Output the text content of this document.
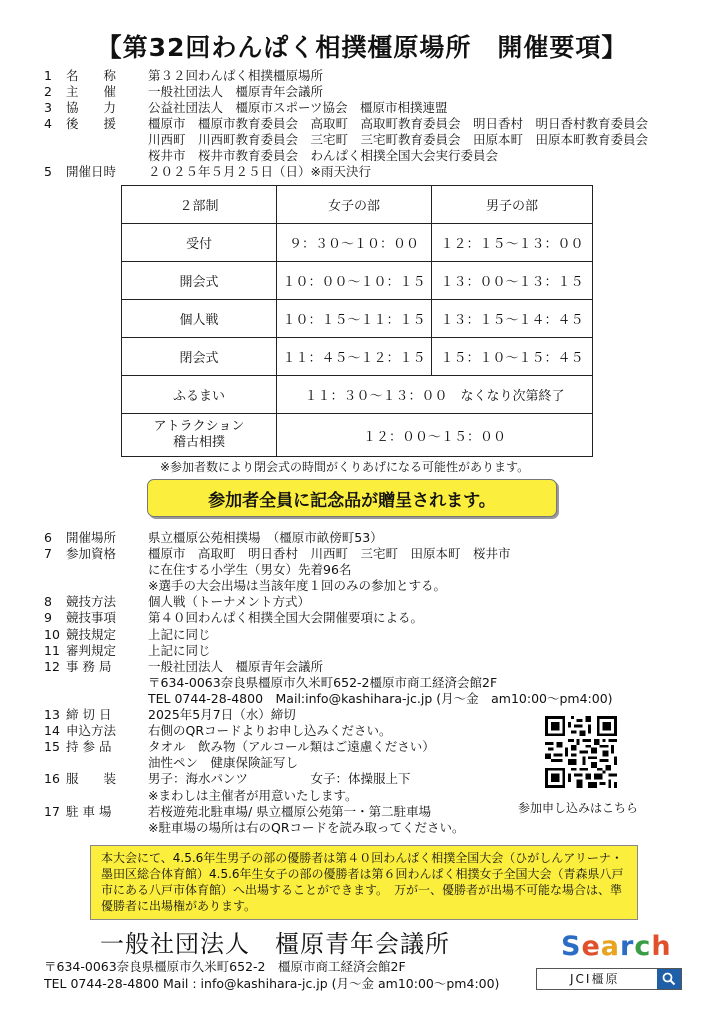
【第32回わんぱく相撲橿原場所　開催要項】
1	名　　称	第３２回わんぱく相撲橿原場所
2	主　　催	一般社団法人　橿原青年会議所
3	協　　力	公益社団法人　橿原市スポーツ協会　橿原市相撲連盟
4	後　　援	橿原市　橿原市教育委員会　高取町　高取町教育委員会　明日香村　明日香村教育委員会
川西町　川西町教育委員会　三宅町　三宅町教育委員会　田原本町　田原本町教育委員会
桜井市　桜井市教育委員会　わんぱく相撲全国大会実行委員会
5	開催日時	２０２５年５月２５日（日）※雨天決行
２部制	女子の部	男子の部
受付	９：３０～１０：００	１２：１５～１３：００
開会式	１０：００～１０：１５	１３：００～１３：１５
個人戦	１０：１５～１１：１５	１３：１５～１４：４５
閉会式	１１：４５～１２：１５	１５：１０～１５：４５
ふるまい	１１：３０～１３：００　なくなり次第終了	

アトラクション
稽古相撲	１２：００～１５：００	
※参加者数により閉会式の時間がくりあげになる可能性があります。
参加者全員に記念品が贈呈されます。
6	開催場所	県立橿原公苑相撲場　（橿原市畝傍町53）
7	参加資格	橿原市　高取町　明日香村　川西町　三宅町　田原本町　桜井市
に在住する小学生（男女）先着96名
※選手の大会出場は当該年度１回のみの参加とする。
8	競技方法	個人戦（トーナメント方式）
9	競技事項	第４０回わんぱく相撲全国大会開催要項による。
10 競技規定	上記に同じ
11 審判規定	上記に同じ
12 事 務 局	一般社団法人　橿原青年会議所
〒634-0063奈良県橿原市久米町652-2橿原市商工経済会館2F
TEL 0744-28-4800　Mail:info@kashihara-jc.jp (月～金　am10:00～pm4:00)
13 締 切 日	2025年5月7日（水）締切
14 申込方法	右側のQRコードよりお申し込みください。
15 持 参 品	タオル　飲み物（アルコール類はご遠慮ください）
油性ペン　健康保険証写し
16 服　　装	男子：海水パンツ　　　　　女子：体操服上下
※まわしは主催者が用意いたします。
17 駐 車 場	若桜遊苑北駐車場/ 県立橿原公苑第一・第二駐車場
※駐車場の場所は右のQRコードを読み取ってください。
参加申し込みはこちら
本大会にて、4.5.6年生男子の部の優勝者は第４０回わんぱく相撲全国大会（ひがしんアリーナ・墨田区総合体育館）4.5.6年生女子の部の優勝者は第６回わんぱく相撲女子全国大会（青森県八戸市にある八戸市体育館）へ出場することができます。　万が一、優勝者が出場不可能な場合は、準優勝者に出場権があります。
一般社団法人　橿原青年会議所
〒634-0063奈良県橿原市久米町652-2　橿原市商工経済会館2F
TEL 0744-28-4800 Mail : info@kashihara-jc.jp (月～金 am10:00～pm4:00)
Search
JCI橿原
